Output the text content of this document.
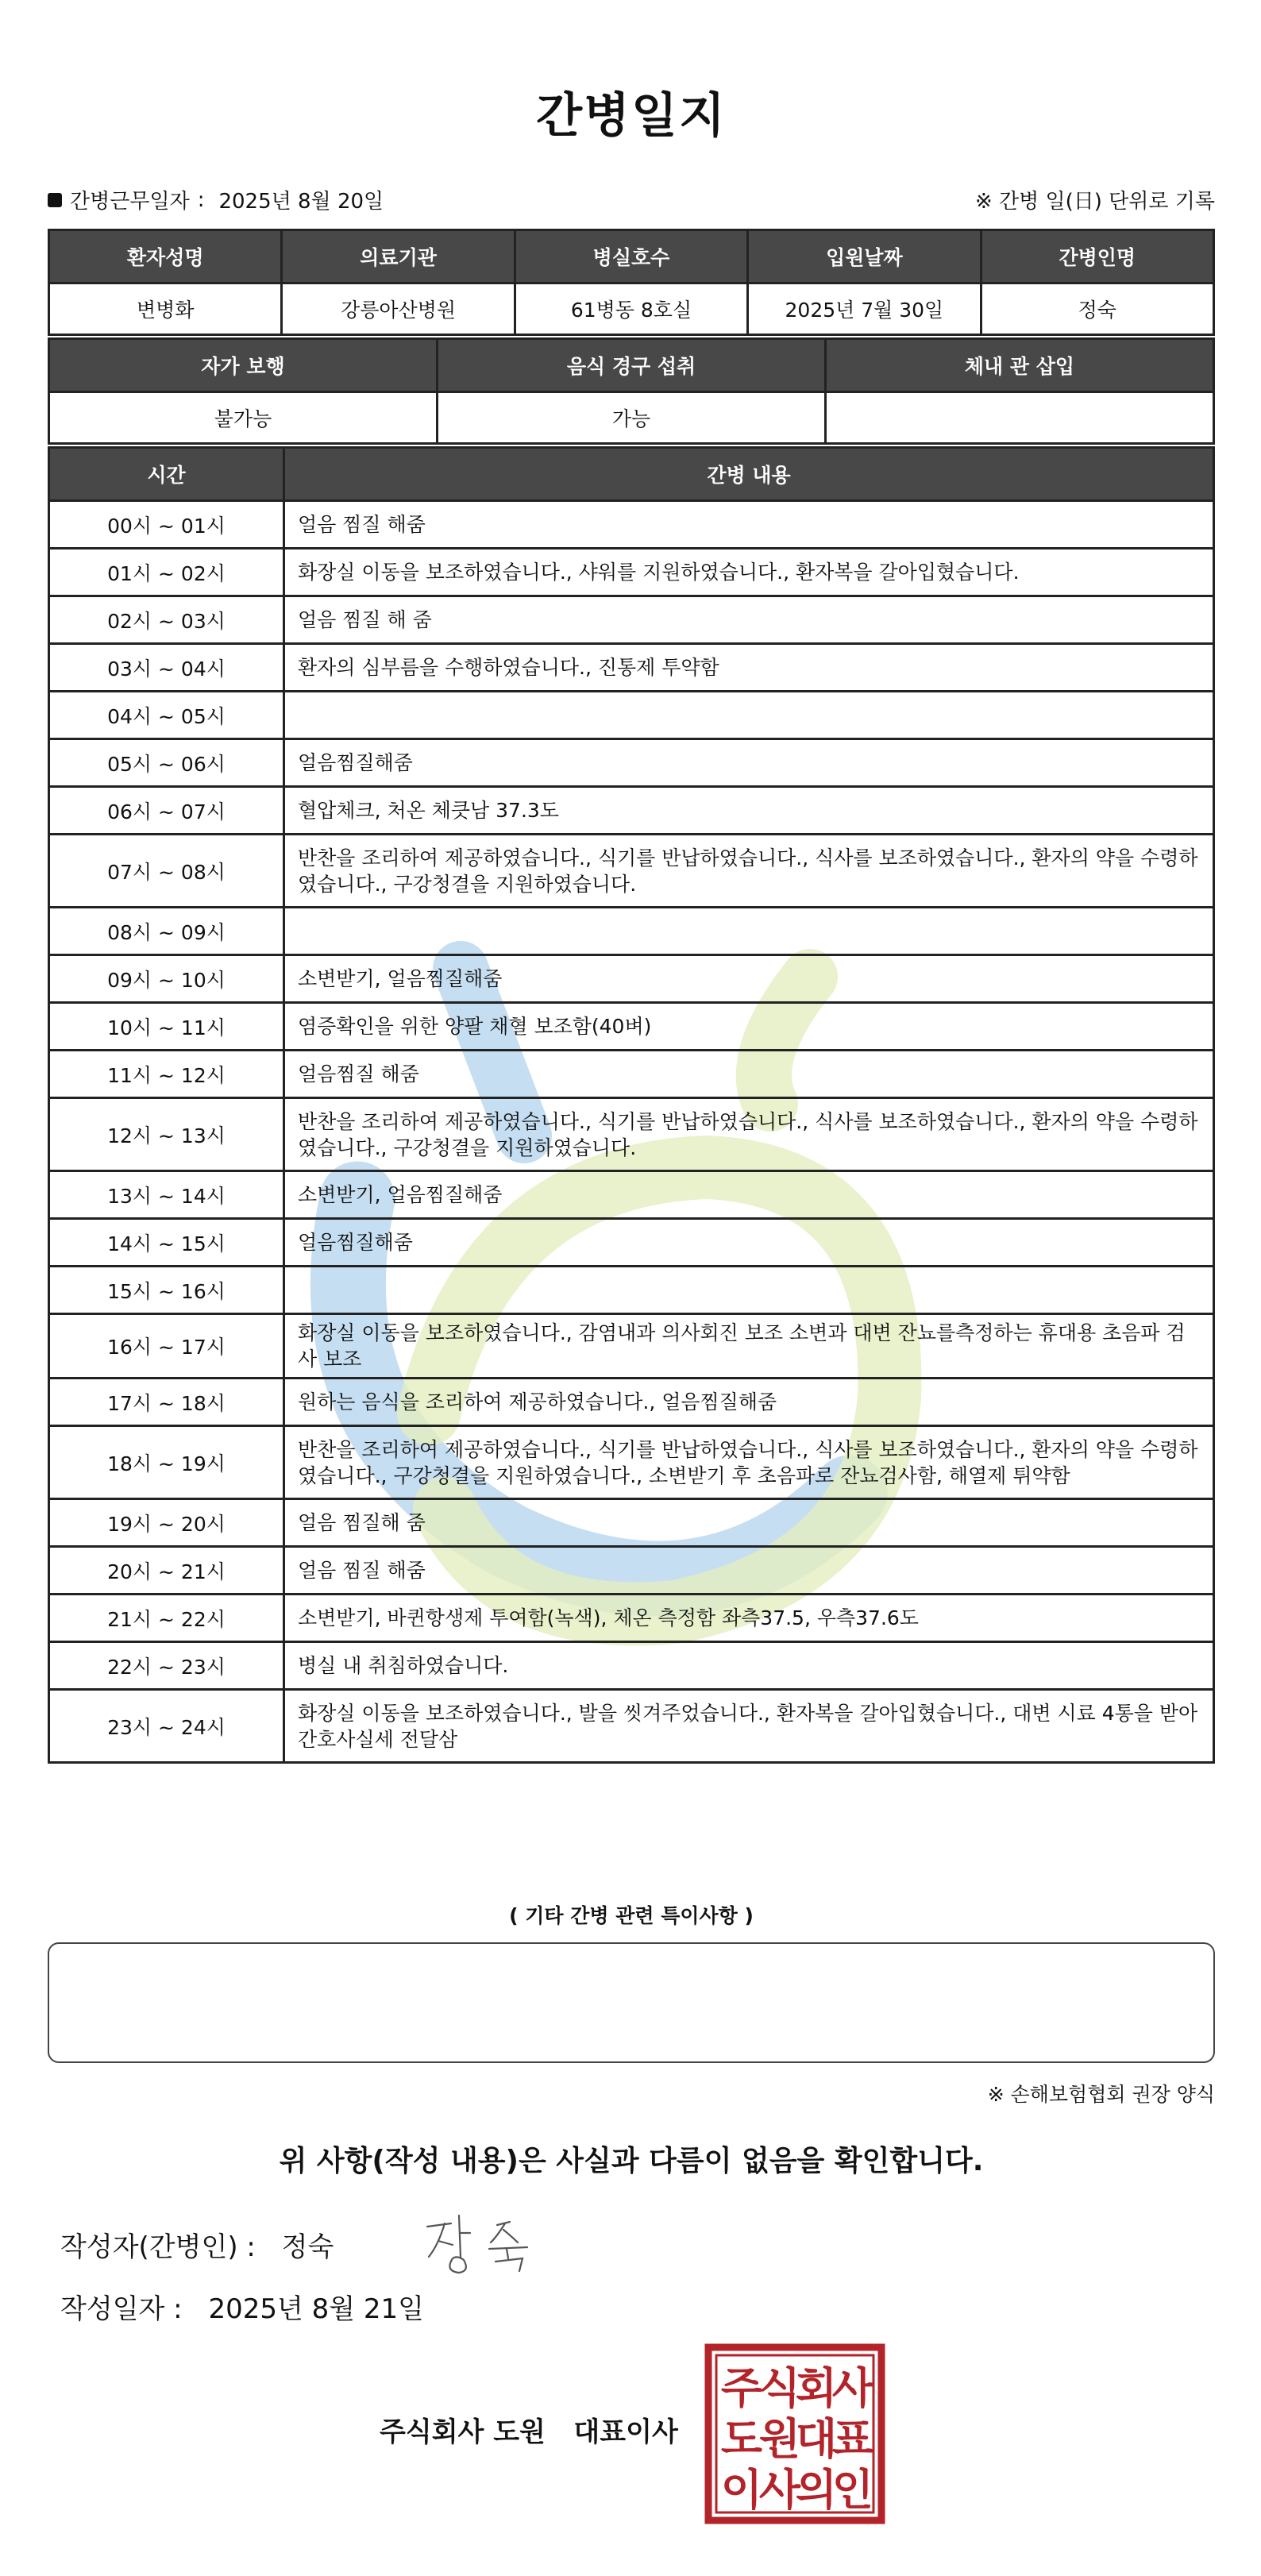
간병일지
간병근무일자 : 2025년 8월 20일	※ 간병 일(日) 단위로 기록
환자성명	의료기관	병실호수	입원날짜	간병인명
변병화	강릉아산병원	61병동 8호실	2025년 7월 30일	정숙
자가 보행	음식 경구 섭취	체내 관 삽입
불가능	가능	
시간	간병 내용
00시 ~ 01시	얼음 찜질 해줌
01시 ~ 02시	화장실 이동을 보조하였습니다., 샤워를 지원하였습니다., 환자복을 갈아입혔습니다.
02시 ~ 03시	얼음 찜질 해 줌
03시 ~ 04시	환자의 심부름을 수행하였습니다., 진통제 투약함
04시 ~ 05시	
05시 ~ 06시	얼음찜질해줌
06시 ~ 07시	혈압체크, 처온 체큿남 37.3도
07시 ~ 08시	반찬을 조리하여 제공하였습니다., 식기를 반납하였습니다., 식사를 보조하였습니다., 환자의 약을 수령하였습니다., 구강청결을 지원하였습니다.
08시 ~ 09시	
09시 ~ 10시	소변받기, 얼음찜질해줌
10시 ~ 11시	염증확인을 위한 양팔 채혈 보조함(40벼)
11시 ~ 12시	얼음찜질 해줌
12시 ~ 13시	반찬을 조리하여 제공하였습니다., 식기를 반납하였습니다., 식사를 보조하였습니다., 환자의 약을 수령하였습니다., 구강청결을 지원하였습니다.
13시 ~ 14시	소변받기, 얼음찜질해줌
14시 ~ 15시	얼음찜질해줌
15시 ~ 16시	
16시 ~ 17시	화장실 이동을 보조하였습니다., 감염내과 의사회진 보조 소변과 대변 잔뇨를측정하는 휴대용 초음파 검사 보조
17시 ~ 18시	원하는 음식을 조리하여 제공하였습니다., 얼음찜질해줌
18시 ~ 19시	반찬을 조리하여 제공하였습니다., 식기를 반납하였습니다., 식사를 보조하였습니다., 환자의 약을 수령하였습니다., 구강청결을 지원하였습니다., 소변받기 후 초음파로 잔뇨검사함, 해열제 튀약함
19시 ~ 20시	얼음 찜질해 줌
20시 ~ 21시	얼음 찜질 해줌
21시 ~ 22시	소변받기, 바퀸항생제 투여함(녹색), 체온 측정함 좌측37.5, 우측37.6도
22시 ~ 23시	병실 내 취침하였습니다.
23시 ~ 24시	화장실 이동을 보조하였습니다., 발을 씻겨주었습니다., 환자복을 갈아입혔습니다., 대변 시료 4통을 받아 간호사실세 전달삼
( 기타 간병 관련 특이사항 )
※ 손해보험협회 권장 양식
위 사항(작성 내용)은 사실과 다름이 없음을 확인합니다.
작성자(간병인) : 정숙
작성일자 : 2025년 8월 21일
주식회사 도원   대표이사
주
식
회
사
도
원
대
표
이
사
의
인
